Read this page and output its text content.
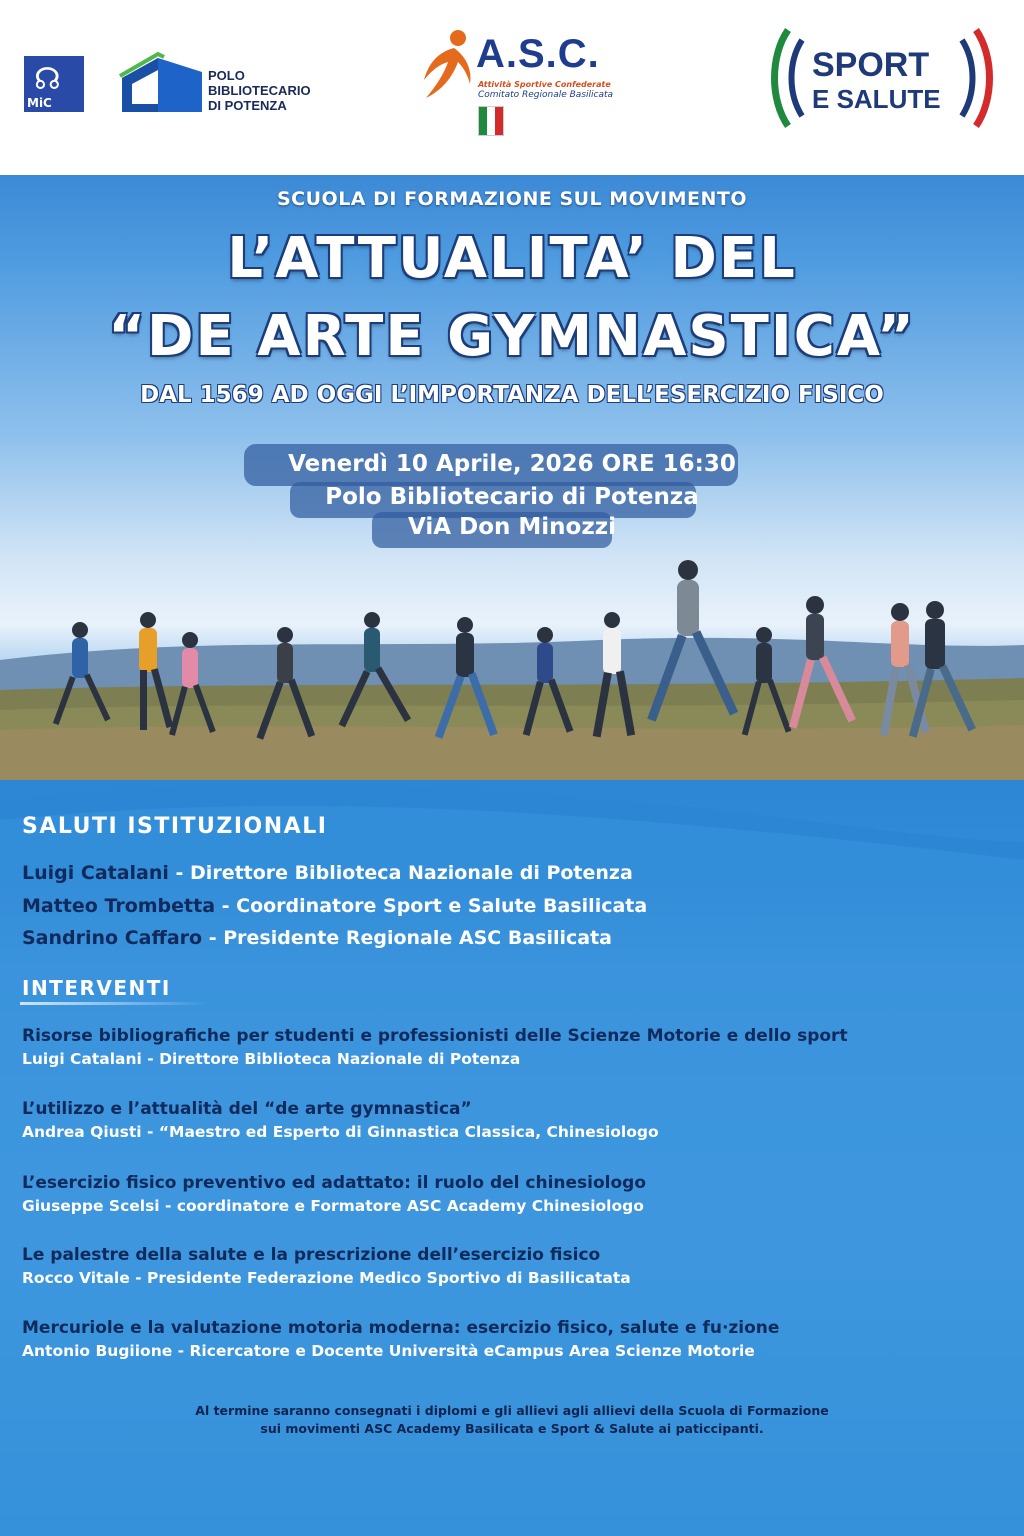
☊
MiC
POLO
BIBLIOTECARIO
DI POTENZA
A.S.C.
Attività Sportive Confederate
Comitato Regionale Basilicata
SPORT
E SALUTE
SCUOLA DI FORMAZIONE SUL MOVIMENTO
L’ATTUALITA’ DEL
“DE ARTE GYMNASTICA”
DAL 1569 AD OGGI L’IMPORTANZA DELL’ESERCIZIO FISICO
Venerdì 10 Aprile, 2026 ORE 16:30
Polo Bibliotecario di Potenza
ViA Don Minozzi
SALUTI ISTITUZIONALI
Luigi Catalani - Direttore Biblioteca Nazionale di Potenza
Matteo Trombetta - Coordinatore Sport e Salute Basilicata
Sandrino Caffaro - Presidente Regionale ASC Basilicata
INTERVENTI
Risorse bibliografiche per studenti e professionisti delle Scienze Motorie e dello sport
Luigi Catalani - Direttore Biblioteca Nazionale di Potenza
L’utilizzo e l’attualità del “de arte gymnastica”
Andrea Qiusti - “Maestro ed Esperto di Ginnastica Classica, Chinesiologo
L’esercizio fisico preventivo ed adattato: il ruolo del chinesiologo
Giuseppe Scelsi - coordinatore e Formatore ASC Academy Chinesiologo
Le palestre della salute e la prescrizione dell’esercizio fisico
Rocco Vitale - Presidente Federazione Medico Sportivo di Basilicatata
Mercuriole e la valutazione motoria moderna: esercizio fisico, salute e fu·zione
Antonio Bugiione - Ricercatore e Docente Università eCampus Area Scienze Motorie
Al termine saranno consegnati i diplomi e gli allievi agli allievi della Scuola di Formazione
sui movimenti ASC Academy Basilicata e Sport & Salute ai paticcipanti.
